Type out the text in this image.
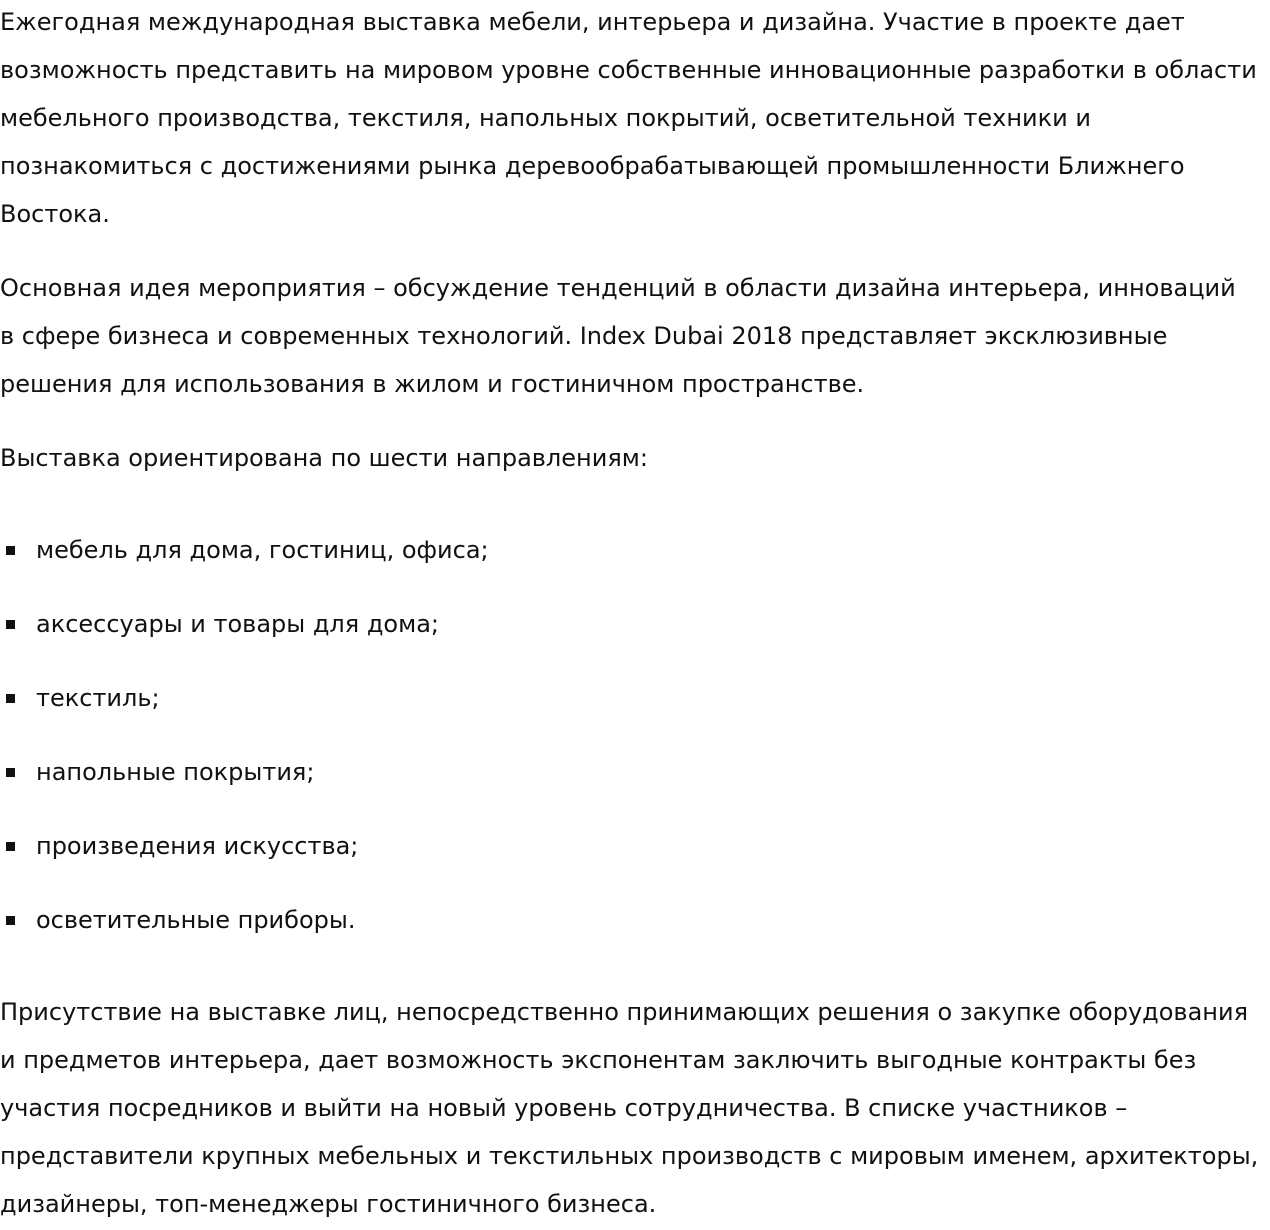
Ежегодная международная выставка мебели, интерьера и дизайна. Участие в проекте дает возможность представить на мировом уровне собственные инновационные разработки в области мебельного производства, текстиля, напольных покрытий, осветительной техники и познакомиться с достижениями рынка деревообрабатывающей промышленности Ближнего Востока.

Основная идея мероприятия – обсуждение тенденций в области дизайна интерьера, инноваций в сфере бизнеса и современных технологий. Index Dubai 2018 представляет эксклюзивные решения для использования в жилом и гостиничном пространстве.

Выставка ориентирована по шести направлениям:

мебель для дома, гостиниц, офиса;
аксессуары и товары для дома;
текстиль;
напольные покрытия;
произведения искусства;
осветительные приборы.

Присутствие на выставке лиц, непосредственно принимающих решения о закупке оборудования и предметов интерьера, дает возможность экспонентам заключить выгодные контракты без участия посредников и выйти на новый уровень сотрудничества. В списке участников – представители крупных мебельных и текстильных производств с мировым именем, архитекторы, дизайнеры, топ-менеджеры гостиничного бизнеса.
